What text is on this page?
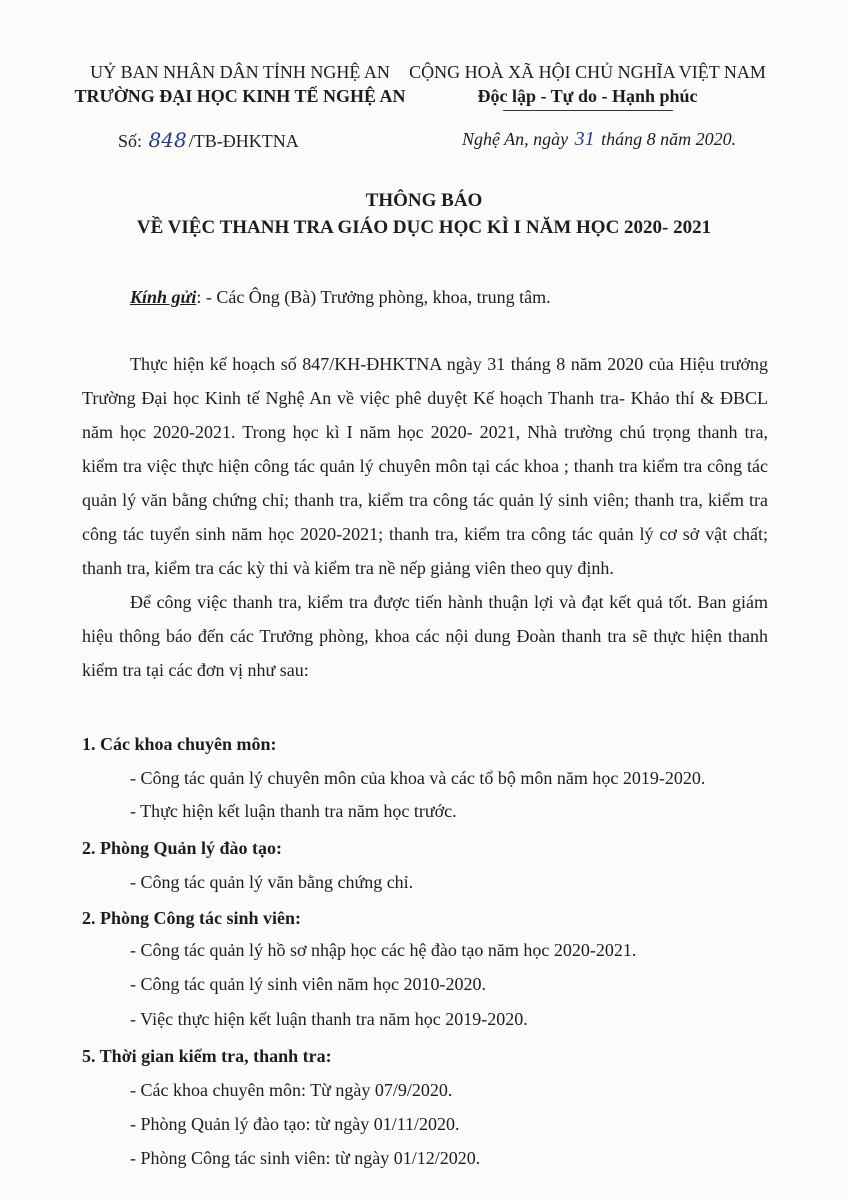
UỶ BAN NHÂN DÂN TỈNH NGHỆ AN
TRƯỜNG ĐẠI HỌC KINH TẾ NGHỆ AN
CỘNG HOÀ XÃ HỘI CHỦ NGHĨA VIỆT NAM
Độc lập - Tự do - Hạnh phúc
Số: 848 /TB-ĐHKTNA	Nghệ An, ngày 31 tháng 8 năm 2020.
THÔNG BÁO
VỀ VIỆC THANH TRA GIÁO DỤC HỌC KÌ I NĂM HỌC 2020- 2021
Kính gửi: - Các Ông (Bà) Trưởng phòng, khoa, trung tâm.

Thực hiện kế hoạch số 847/KH-ĐHKTNA ngày 31 tháng 8 năm 2020 của Hiệu trưởng Trường Đại học Kinh tế Nghệ An về việc phê duyệt Kế hoạch Thanh tra- Khảo thí & ĐBCL năm học 2020-2021. Trong học kì I năm học 2020- 2021, Nhà trường chú trọng thanh tra, kiểm tra việc thực hiện công tác quản lý chuyên môn tại các khoa ; thanh tra kiểm tra công tác quản lý văn bằng chứng chỉ; thanh tra, kiểm tra công tác quản lý sinh viên; thanh tra, kiểm tra công tác tuyển sinh năm học 2020-2021; thanh tra, kiểm tra công tác quản lý cơ sở vật chất; thanh tra, kiểm tra các kỳ thi và kiểm tra nề nếp giảng viên theo quy định.

Để công việc thanh tra, kiểm tra được tiến hành thuận lợi và đạt kết quả tốt. Ban giám hiệu thông báo đến các Trưởng phòng, khoa các nội dung Đoàn thanh tra sẽ thực hiện thanh kiểm tra tại các đơn vị như sau:

1. Các khoa chuyên môn:
- Công tác quản lý chuyên môn của khoa và các tổ bộ môn năm học 2019-2020.
- Thực hiện kết luận thanh tra năm học trước.
2. Phòng Quản lý đào tạo:
- Công tác quản lý văn bằng chứng chỉ.
2. Phòng Công tác sinh viên:
- Công tác quản lý hồ sơ nhập học các hệ đào tạo năm học 2020-2021.
- Công tác quản lý sinh viên năm học 2010-2020.
- Việc thực hiện kết luận thanh tra năm học 2019-2020.
5. Thời gian kiểm tra, thanh tra:
- Các khoa chuyên môn: Từ ngày 07/9/2020.
- Phòng Quản lý đào tạo: từ ngày 01/11/2020.
- Phòng Công tác sinh viên: từ ngày 01/12/2020.
